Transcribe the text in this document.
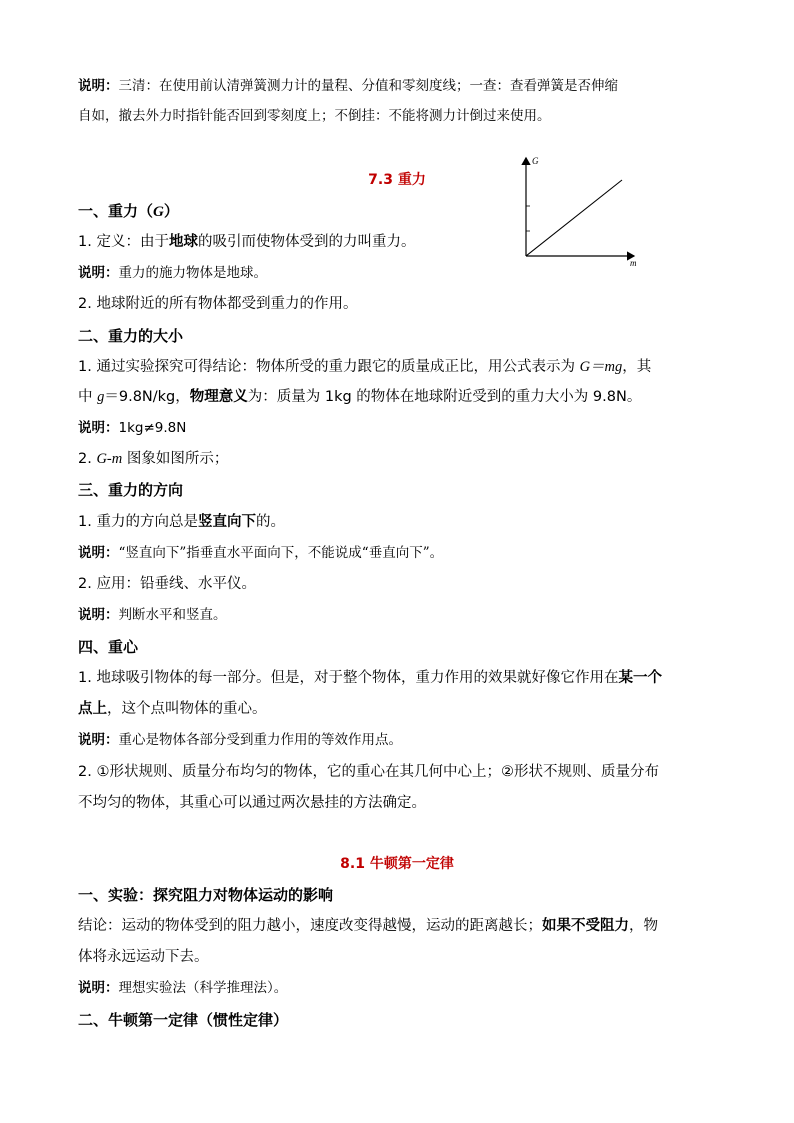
说明：三清：在使用前认清弹簧测力计的量程、分值和零刻度线；一查：查看弹簧是否伸缩
自如，撤去外力时指针能否回到零刻度上；不倒挂：不能将测力计倒过来使用。
7.3 重力
G
m
一、重力（G）
1. 定义：由于地球的吸引而使物体受到的力叫重力。
说明：重力的施力物体是地球。
2. 地球附近的所有物体都受到重力的作用。
二、重力的大小
1. 通过实验探究可得结论：物体所受的重力跟它的质量成正比，用公式表示为 G＝mg，其
中 g＝9.8N/kg，物理意义为：质量为 1kg 的物体在地球附近受到的重力大小为 9.8N。
说明：1kg≠9.8N
2. G-m 图象如图所示；
三、重力的方向
1. 重力的方向总是竖直向下的。
说明：“竖直向下”指垂直水平面向下，不能说成“垂直向下”。
2. 应用：铅垂线、水平仪。
说明：判断水平和竖直。
四、重心
1. 地球吸引物体的每一部分。但是，对于整个物体，重力作用的效果就好像它作用在某一个
点上，这个点叫物体的重心。
说明：重心是物体各部分受到重力作用的等效作用点。
2. ①形状规则、质量分布均匀的物体，它的重心在其几何中心上；②形状不规则、质量分布
不均匀的物体，其重心可以通过两次悬挂的方法确定。
8.1 牛顿第一定律
一、实验：探究阻力对物体运动的影响
结论：运动的物体受到的阻力越小，速度改变得越慢，运动的距离越长；如果不受阻力，物
体将永远运动下去。
说明：理想实验法（科学推理法）。
二、牛顿第一定律（惯性定律）
